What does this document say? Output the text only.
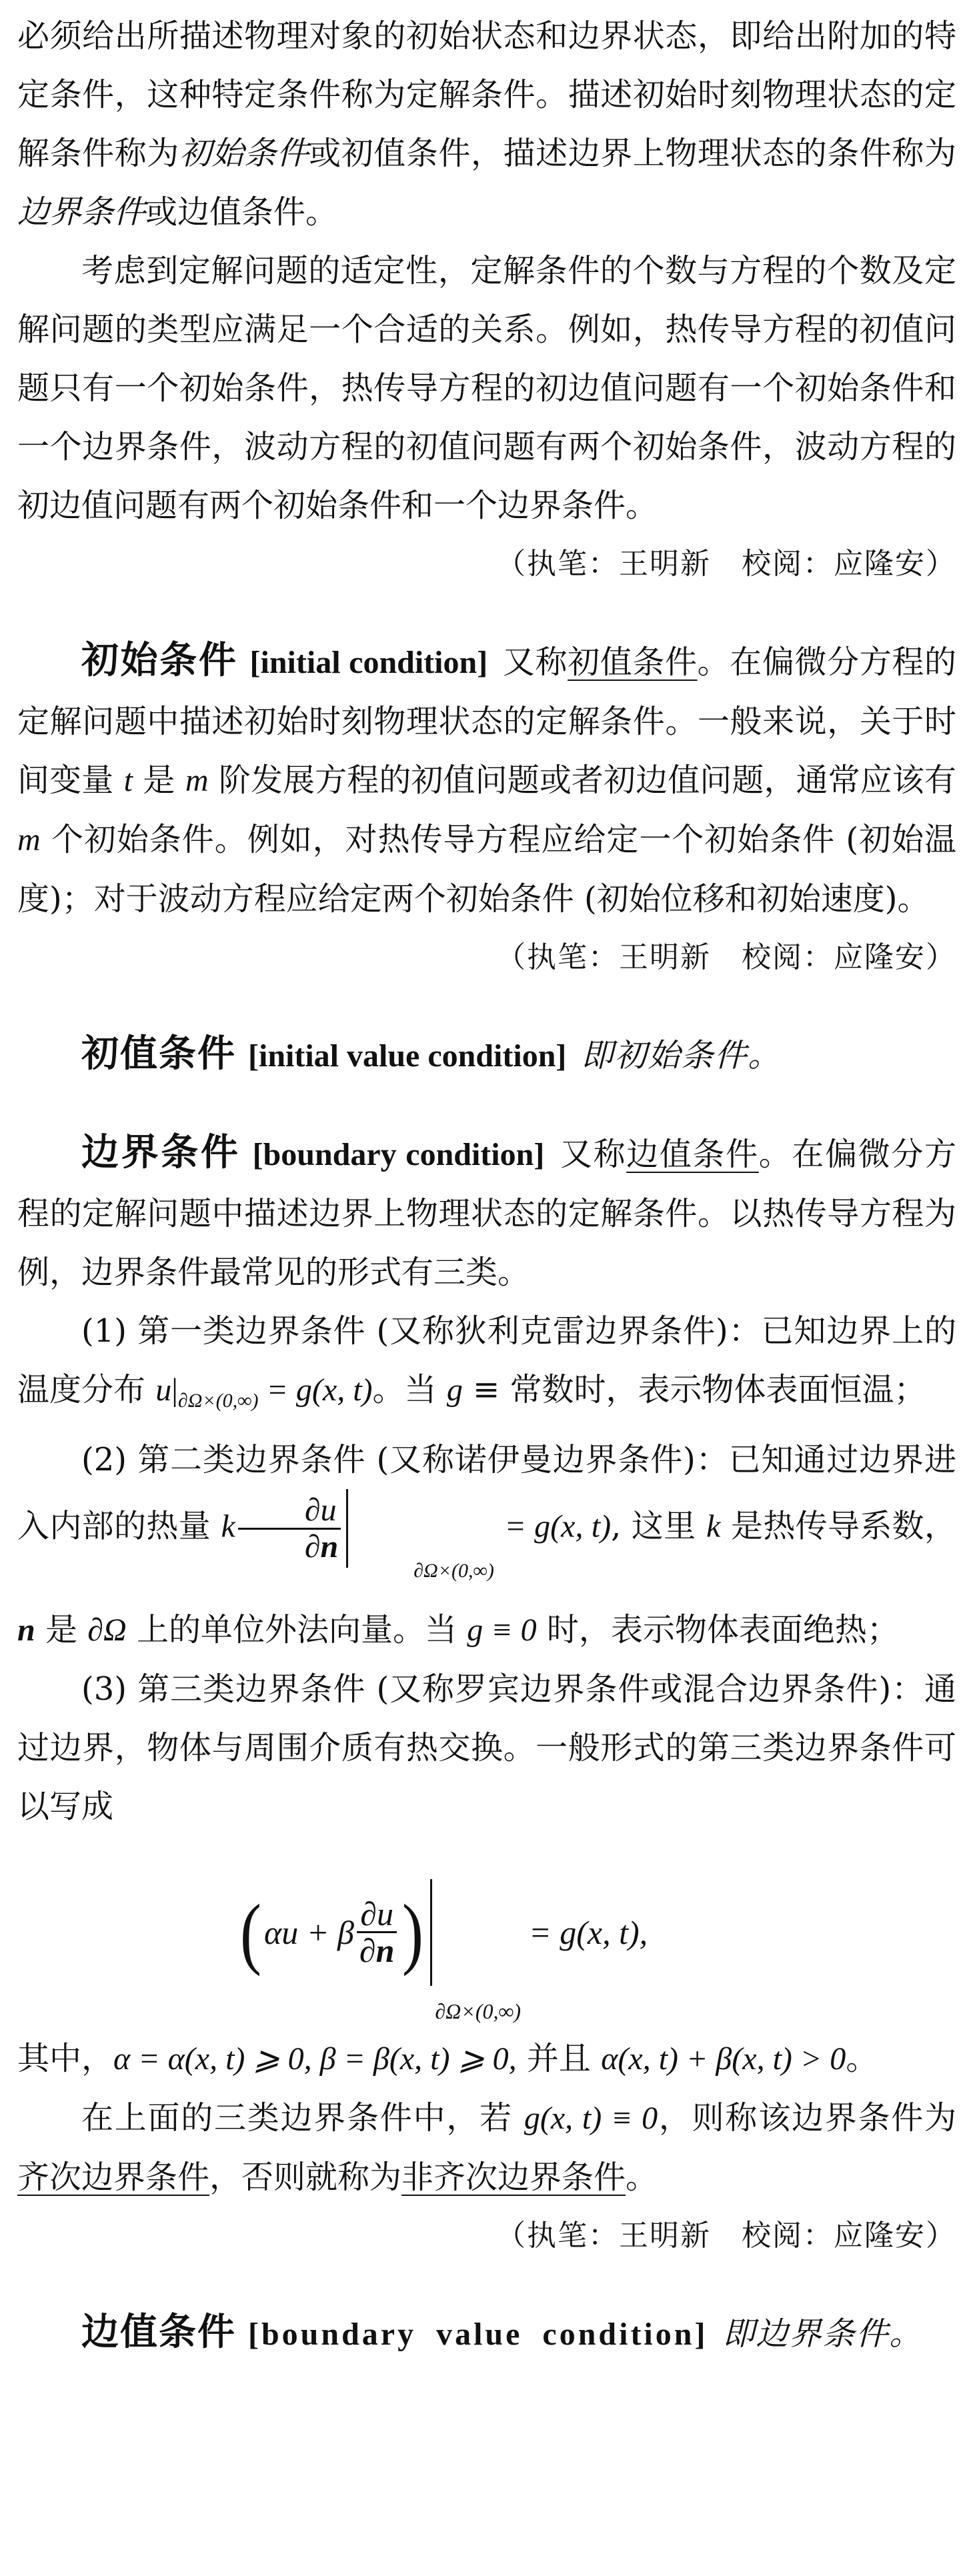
必须给出所描述物理对象的初始状态和边界状态，即给出附加的特定条件，这种特定条件称为定解条件。描述初始时刻物理状态的定解条件称为初始条件或初值条件，描述边界上物理状态的条件称为边界条件或边值条件。

考虑到定解问题的适定性，定解条件的个数与方程的个数及定解问题的类型应满足一个合适的关系。例如，热传导方程的初值问题只有一个初始条件，热传导方程的初边值问题有一个初始条件和一个边界条件，波动方程的初值问题有两个初始条件，波动方程的初边值问题有两个初始条件和一个边界条件。

（执笔：王明新　校阅：应隆安）

初始条件 [initial condition] 又称初值条件。在偏微分方程的定解问题中描述初始时刻物理状态的定解条件。一般来说，关于时间变量 t 是 m 阶发展方程的初值问题或者初边值问题，通常应该有 m 个初始条件。例如，对热传导方程应给定一个初始条件 (初始温度)；对于波动方程应给定两个初始条件 (初始位移和初始速度)。

（执笔：王明新　校阅：应隆安）

初值条件 [initial value condition] 即初始条件。

边界条件 [boundary condition] 又称边值条件。在偏微分方程的定解问题中描述边界上物理状态的定解条件。以热传导方程为例，边界条件最常见的形式有三类。

(1) 第一类边界条件 (又称狄利克雷边界条件)：已知边界上的温度分布 $u|_{\partial\Omega\times(0,\infty)} = g(x$, t)。当 g ≡ 常数时，表示物体表面恒温；

(2) 第二类边界条件 (又称诺伊曼边界条件)：已知通过边界进入内部的热量 k $\frac{\partial u}{\partial n}$
∂Ω×(0,∞) = g(x, t), 这里 k 是热传导系数，n 是 ∂Ω 上的单位外法向量。当 g ≡ 0 时，表示物体表面绝热；

(3) 第三类边界条件 (又称罗宾边界条件或混合边界条件)：通过边界，物体与周围介质有热交换。一般形式的第三类边界条件可以写成

( αu + β $\frac{\partial u}{\partial n}$ )
∂Ω×(0,∞)
= g(x, t),

其中，α = α(x, t) ⩾ 0, β = β(x, t) ⩾ 0, 并且 α(x, t) + β(x, t) > 0。

在上面的三类边界条件中，若 g(x, t) ≡ 0，则称该边界条件为齐次边界条件，否则就称为非齐次边界条件。

（执笔：王明新　校阅：应隆安）

边值条件 [boundary value condition] 即边界条件。
